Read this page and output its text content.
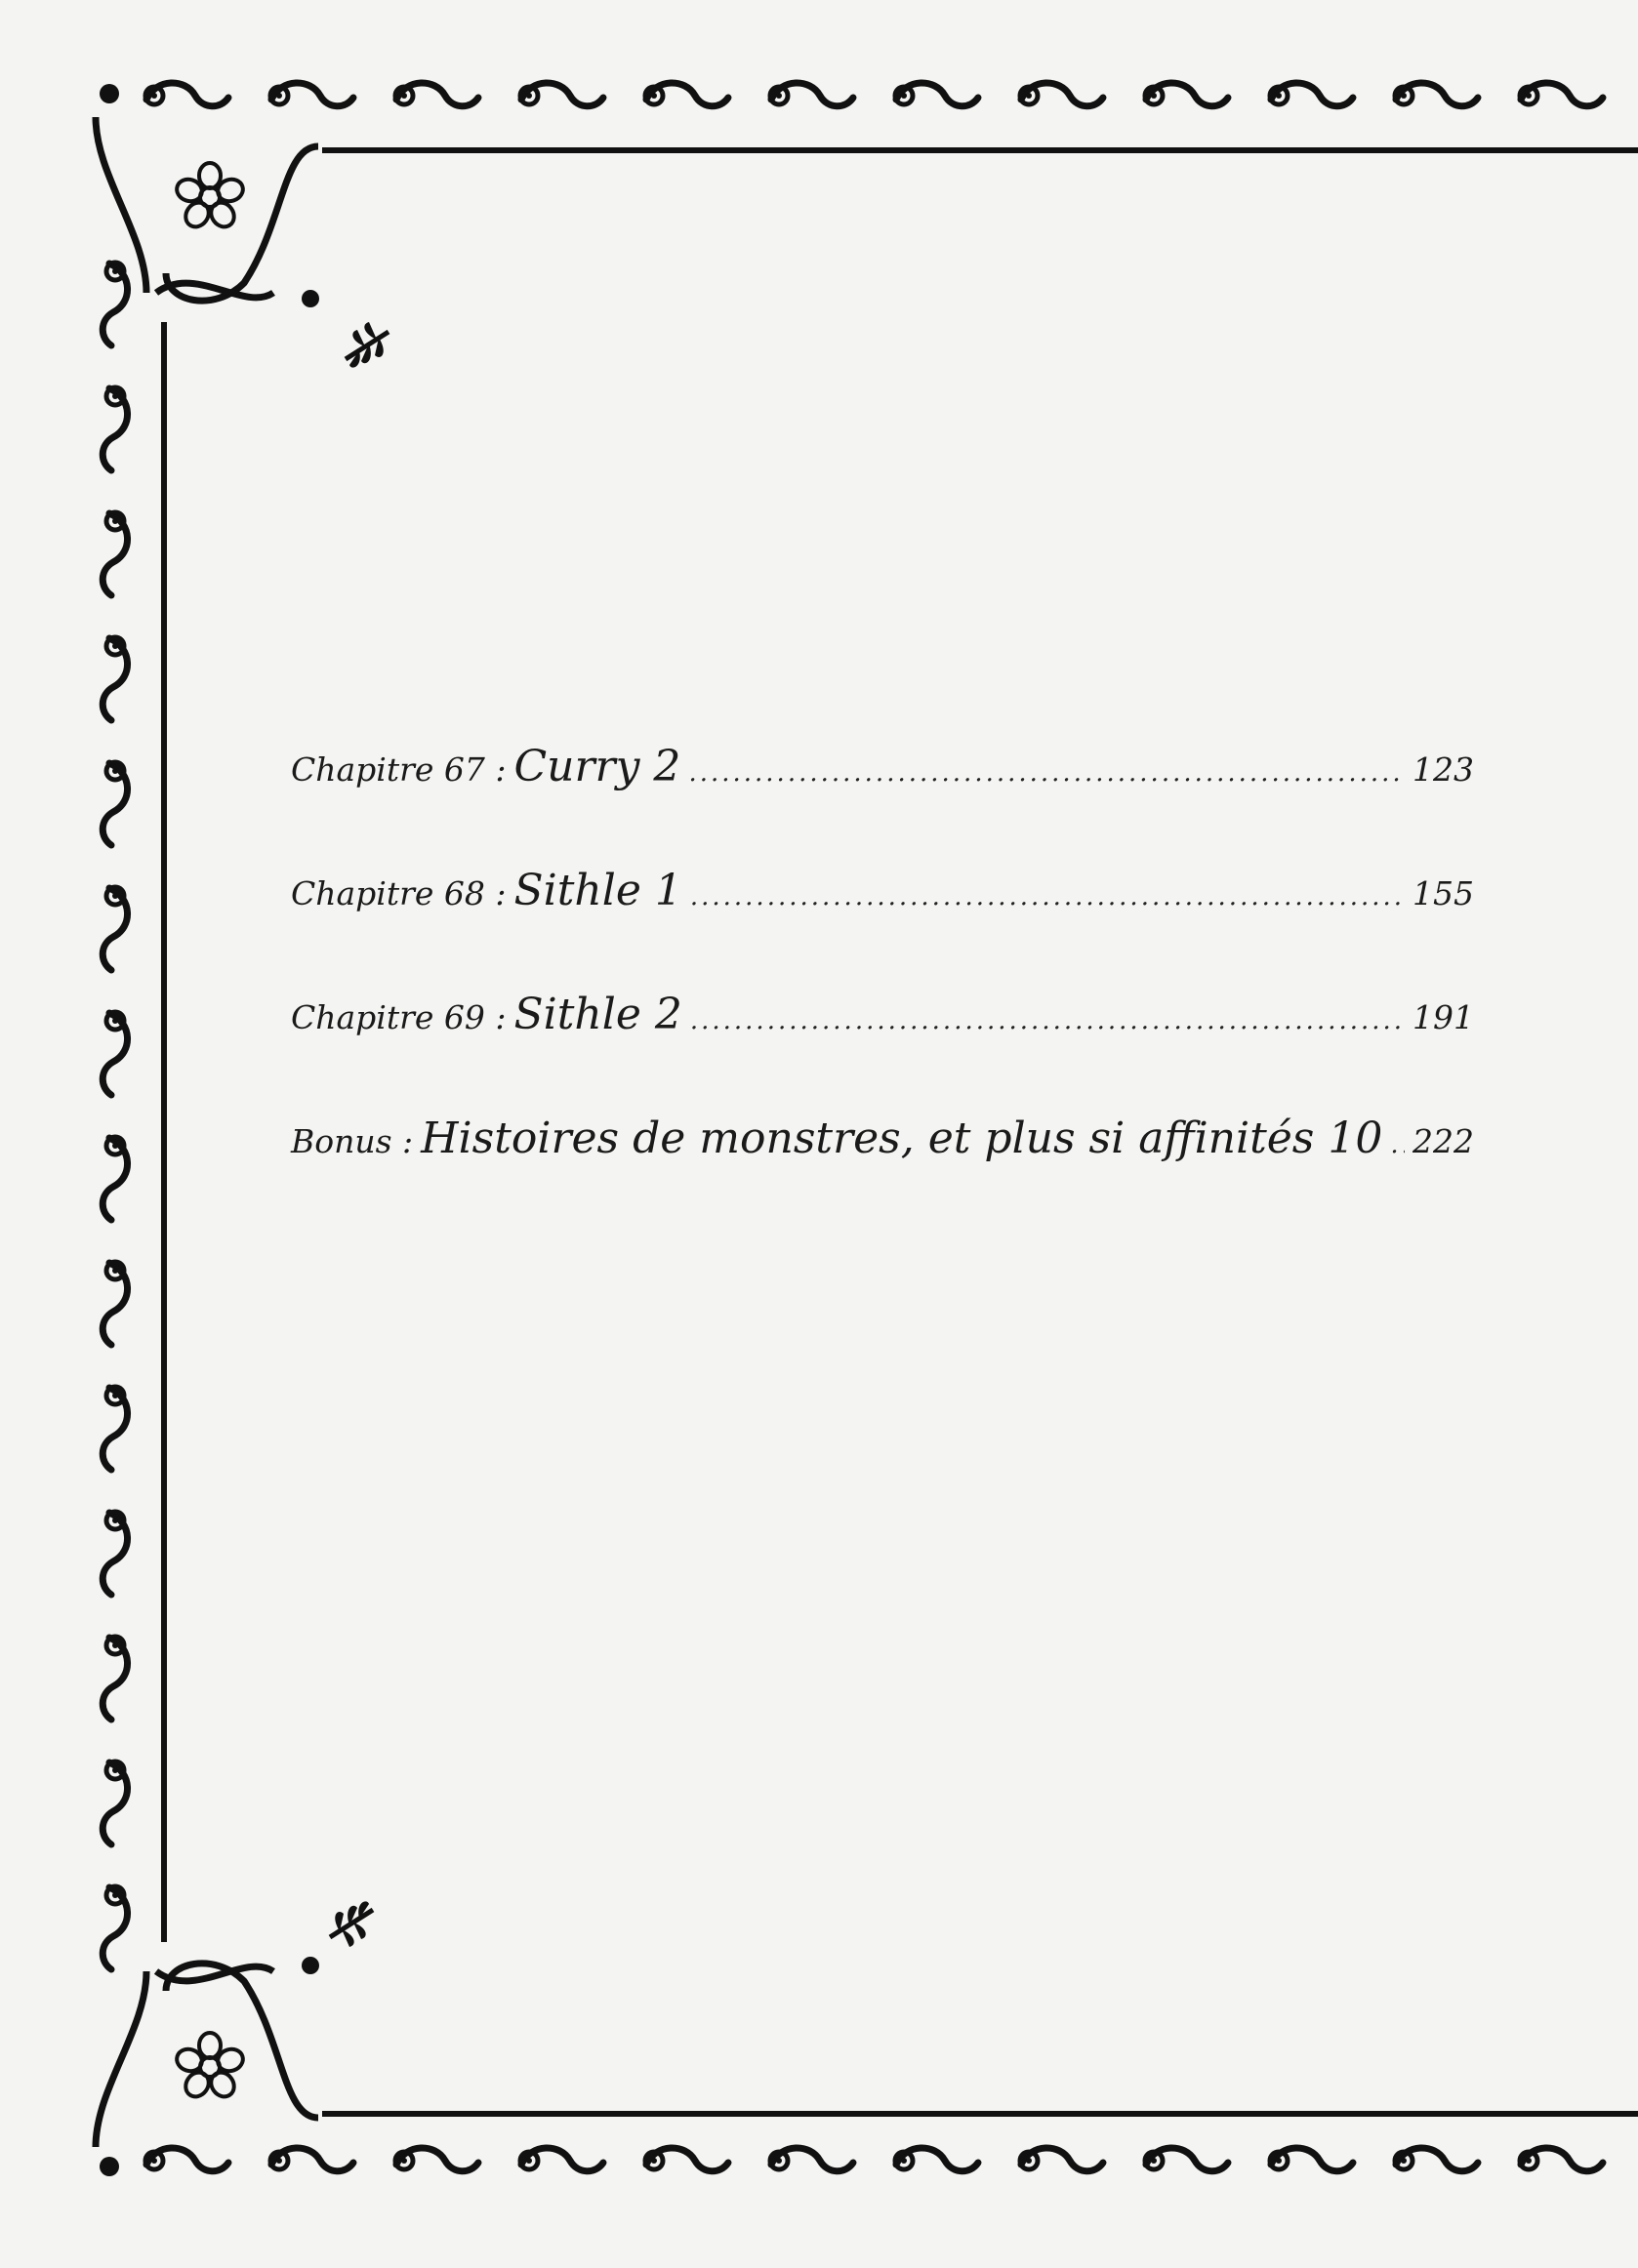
Chapitre 67 : Curry 2 .....	123
Chapitre 68 : Sithle 1 .....	155
Chapitre 69 : Sithle 2 .....	191
Bonus : Histoires de monstres, et plus si affinités 10 ..... 222
